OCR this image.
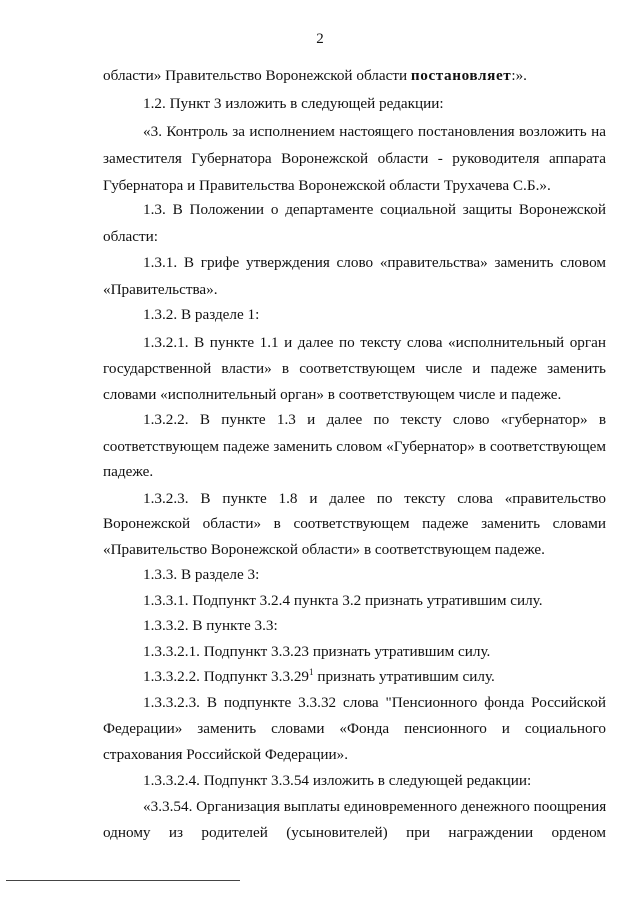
2
области» Правительство Воронежской области постановляет:».
1.2. Пункт 3 изложить в следующей редакции:
«3. Контроль за исполнением настоящего постановления возложить на
заместителя Губернатора Воронежской области - руководителя аппарата
Губернатора и Правительства Воронежской области Трухачева С.Б.».
1.3. В Положении о департаменте социальной защиты Воронежской
области:
1.3.1. В грифе утверждения слово «правительства» заменить словом
«Правительства».
1.3.2. В разделе 1:
1.3.2.1. В пункте 1.1 и далее по тексту слова «исполнительный орган
государственной власти» в соответствующем числе и падеже заменить
словами «исполнительный орган» в соответствующем числе и падеже.
1.3.2.2. В пункте 1.3 и далее по тексту слово «губернатор» в
соответствующем падеже заменить словом «Губернатор» в соответствующем
падеже.
1.3.2.3. В пункте 1.8 и далее по тексту слова «правительство
Воронежской области» в соответствующем падеже заменить словами
«Правительство Воронежской области» в соответствующем падеже.
1.3.3. В разделе 3:
1.3.3.1. Подпункт 3.2.4 пункта 3.2 признать утратившим силу.
1.3.3.2. В пункте 3.3:
1.3.3.2.1. Подпункт 3.3.23 признать утратившим силу.
1.3.3.2.2. Подпункт 3.3.29$^1$ признать утратившим силу.
1.3.3.2.3. В подпункте 3.3.32 слова "Пенсионного фонда Российской
Федерации» заменить словами «Фонда пенсионного и социального
страхования Российской Федерации».
1.3.3.2.4. Подпункт 3.3.54 изложить в следующей редакции:
«3.3.54. Организация выплаты единовременного денежного поощрения
одному из родителей (усыновителей) при награждении орденом
